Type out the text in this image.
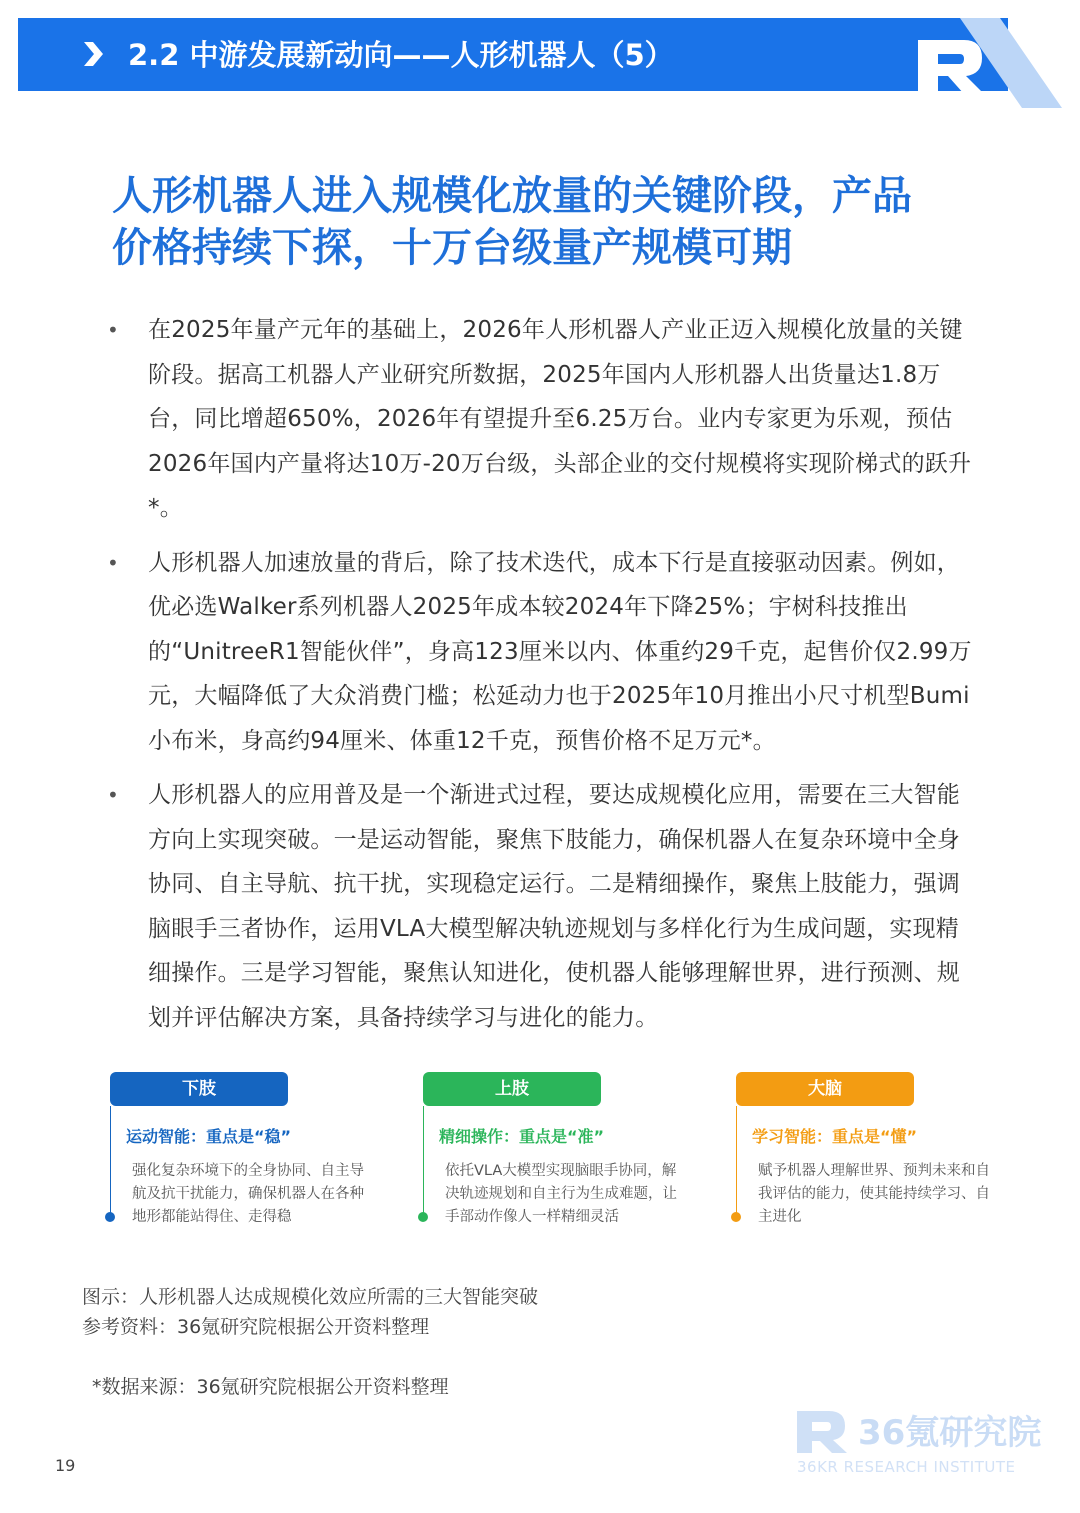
2.2 中游发展新动向——人形机器人（5）
人形机器人进入规模化放量的关键阶段，产品
价格持续下探，十万台级量产规模可期
• 在2025年量产元年的基础上，2026年人形机器人产业正迈入规模化放量的关键阶段。据高工机器人产业研究所数据，2025年国内人形机器人出货量达1.8万台，同比增超650%，2026年有望提升至6.25万台。业内专家更为乐观，预估2026年国内产量将达10万-20万台级，头部企业的交付规模将实现阶梯式的跃升*。
• 人形机器人加速放量的背后，除了技术迭代，成本下行是直接驱动因素。例如，优必选Walker系列机器人2025年成本较2024年下降25%；宇树科技推出的“UnitreeR1智能伙伴”，身高123厘米以内、体重约29千克，起售价仅2.99万元，大幅降低了大众消费门槛；松延动力也于2025年10月推出小尺寸机型Bumi小布米，身高约94厘米、体重12千克，预售价格不足万元*。
• 人形机器人的应用普及是一个渐进式过程，要达成规模化应用，需要在三大智能方向上实现突破。一是运动智能，聚焦下肢能力，确保机器人在复杂环境中全身协同、自主导航、抗干扰，实现稳定运行。二是精细操作，聚焦上肢能力，强调脑眼手三者协作，运用VLA大模型解决轨迹规划与多样化行为生成问题，实现精细操作。三是学习智能，聚焦认知进化，使机器人能够理解世界，进行预测、规划并评估解决方案，具备持续学习与进化的能力。
下肢
运动智能：重点是“稳”
强化复杂环境下的全身协同、自主导航及抗干扰能力，确保机器人在各种地形都能站得住、走得稳
上肢
精细操作：重点是“准”
依托VLA大模型实现脑眼手协同，解决轨迹规划和自主行为生成难题，让手部动作像人一样精细灵活
大脑
学习智能：重点是“懂”
赋予机器人理解世界、预判未来和自我评估的能力，使其能持续学习、自主进化
图示：人形机器人达成规模化效应所需的三大智能突破
参考资料：36氪研究院根据公开资料整理
*数据来源：36氪研究院根据公开资料整理
19
36氪研究院
36KR RESEARCH INSTITUTE
